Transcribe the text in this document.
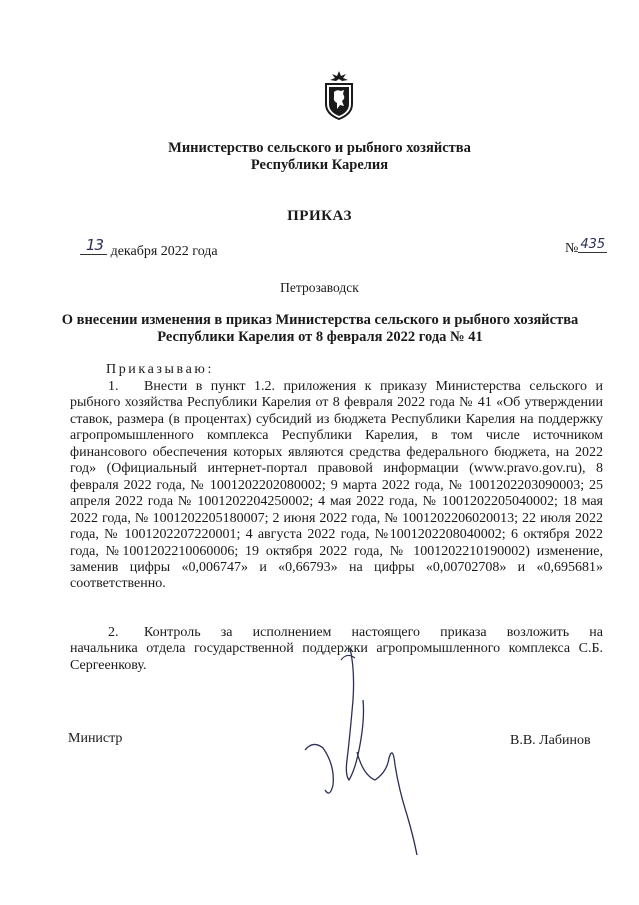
Министерство сельского и рыбного хозяйства
Республики Карелия
ПРИКАЗ
13 декабря 2022 года	№ 435
Петрозаводск
О внесении изменения в приказ Министерства сельского и рыбного хозяйства Республики Карелия от 8 февраля 2022 года № 41
Приказываю:
1. Внести в пункт 1.2. приложения к приказу Министерства сельского и рыбного хозяйства Республики Карелия от 8 февраля 2022 года № 41 «Об утверждении ставок, размера (в процентах) субсидий из бюджета Республики Карелия на поддержку агропромышленного комплекса Республики Карелия, в том числе источником финансового обеспечения которых являются средства федерального бюджета, на 2022 год» (Официальный интернет-портал правовой информации (www.pravo.gov.ru), 8 февраля 2022 года, № 1001202202080002; 9 марта 2022 года, № 1001202203090003; 25 апреля 2022 года № 1001202204250002; 4 мая 2022 года, № 1001202205040002; 18 мая 2022 года, № 1001202205180007; 2 июня 2022 года, № 1001202206020013; 22 июля 2022 года, № 1001202207220001; 4 августа 2022 года, №1001202208040002; 6 октября 2022 года, №1001202210060006; 19 октября 2022 года, № 1001202210190002) изменение, заменив цифры «0,006747» и «0,66793» на цифры «0,00702708» и «0,695681» соответственно.
2. Контроль за исполнением настоящего приказа возложить на начальника отдела государственной поддержки агропромышленного комплекса С.Б. Сергеенкову.
Министр	В.В. Лабинов
